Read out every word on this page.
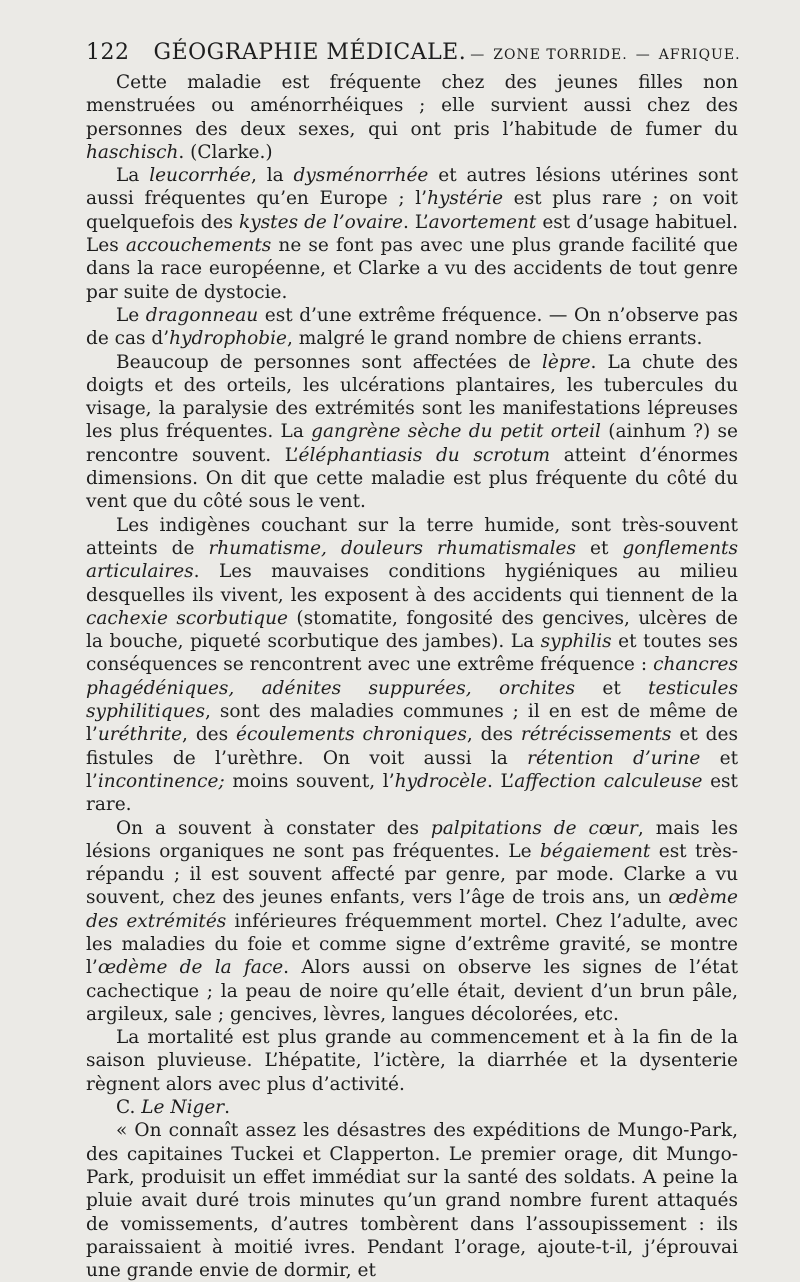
122 GÉOGRAPHIE MÉDICALE. — ZONE TORRIDE. — AFRIQUE.

Cette maladie est fréquente chez des jeunes filles non menstruées ou aménorrhéiques ; elle survient aussi chez des personnes des deux sexes, qui ont pris l’habitude de fumer du haschisch. (Clarke.)

La leucorrhée, la dysménorrhée et autres lésions utérines sont aussi fréquentes qu’en Europe ; l’hystérie est plus rare ; on voit quelquefois des kystes de l’ovaire. L’avortement est d’usage habituel. Les accouchements ne se font pas avec une plus grande facilité que dans la race européenne, et Clarke a vu des accidents de tout genre par suite de dystocie.

Le dragonneau est d’une extrême fréquence. — On n’observe pas de cas d’hydrophobie, malgré le grand nombre de chiens errants.

Beaucoup de personnes sont affectées de lèpre. La chute des doigts et des orteils, les ulcérations plantaires, les tubercules du visage, la paralysie des extrémités sont les manifestations lépreuses les plus fréquentes. La gangrène sèche du petit orteil (ainhum ?) se rencontre souvent. L’éléphantiasis du scrotum atteint d’énormes dimensions. On dit que cette maladie est plus fréquente du côté du vent que du côté sous le vent.

Les indigènes couchant sur la terre humide, sont très-souvent atteints de rhumatisme, douleurs rhumatismales et gonflements articulaires. Les mauvaises conditions hygiéniques au milieu desquelles ils vivent, les exposent à des accidents qui tiennent de la cachexie scorbutique (stomatite, fongosité des gencives, ulcères de la bouche, piqueté scorbutique des jambes). La syphilis et toutes ses conséquences se rencontrent avec une extrême fréquence : chancres phagédéniques, adénites suppurées, orchites et testicules syphilitiques, sont des maladies communes ; il en est de même de l’uréthrite, des écoulements chroniques, des rétrécissements et des fistules de l’urèthre. On voit aussi la rétention d’urine et l’incontinence; moins souvent, l’hydrocèle. L’affection calculeuse est rare.

On a souvent à constater des palpitations de cœur, mais les lésions organiques ne sont pas fréquentes. Le bégaiement est très-répandu ; il est souvent affecté par genre, par mode. Clarke a vu souvent, chez des jeunes enfants, vers l’âge de trois ans, un œdème des extrémités inférieures fréquemment mortel. Chez l’adulte, avec les maladies du foie et comme signe d’extrême gravité, se montre l’œdème de la face. Alors aussi on observe les signes de l’état cachectique ; la peau de noire qu’elle était, devient d’un brun pâle, argileux, sale ; gencives, lèvres, langues décolorées, etc.

La mortalité est plus grande au commencement et à la fin de la saison pluvieuse. L’hépatite, l’ictère, la diarrhée et la dysenterie règnent alors avec plus d’activité.

C. Le Niger.

« On connaît assez les désastres des expéditions de Mungo-Park, des capitaines Tuckei et Clapperton. Le premier orage, dit Mungo-Park, produisit un effet immédiat sur la santé des soldats. A peine la pluie avait duré trois minutes qu’un grand nombre furent attaqués de vomissements, d’autres tombèrent dans l’assoupissement : ils paraissaient à moitié ivres. Pendant l’orage, ajoute-t-il, j’éprouvai une grande envie de dormir, et
